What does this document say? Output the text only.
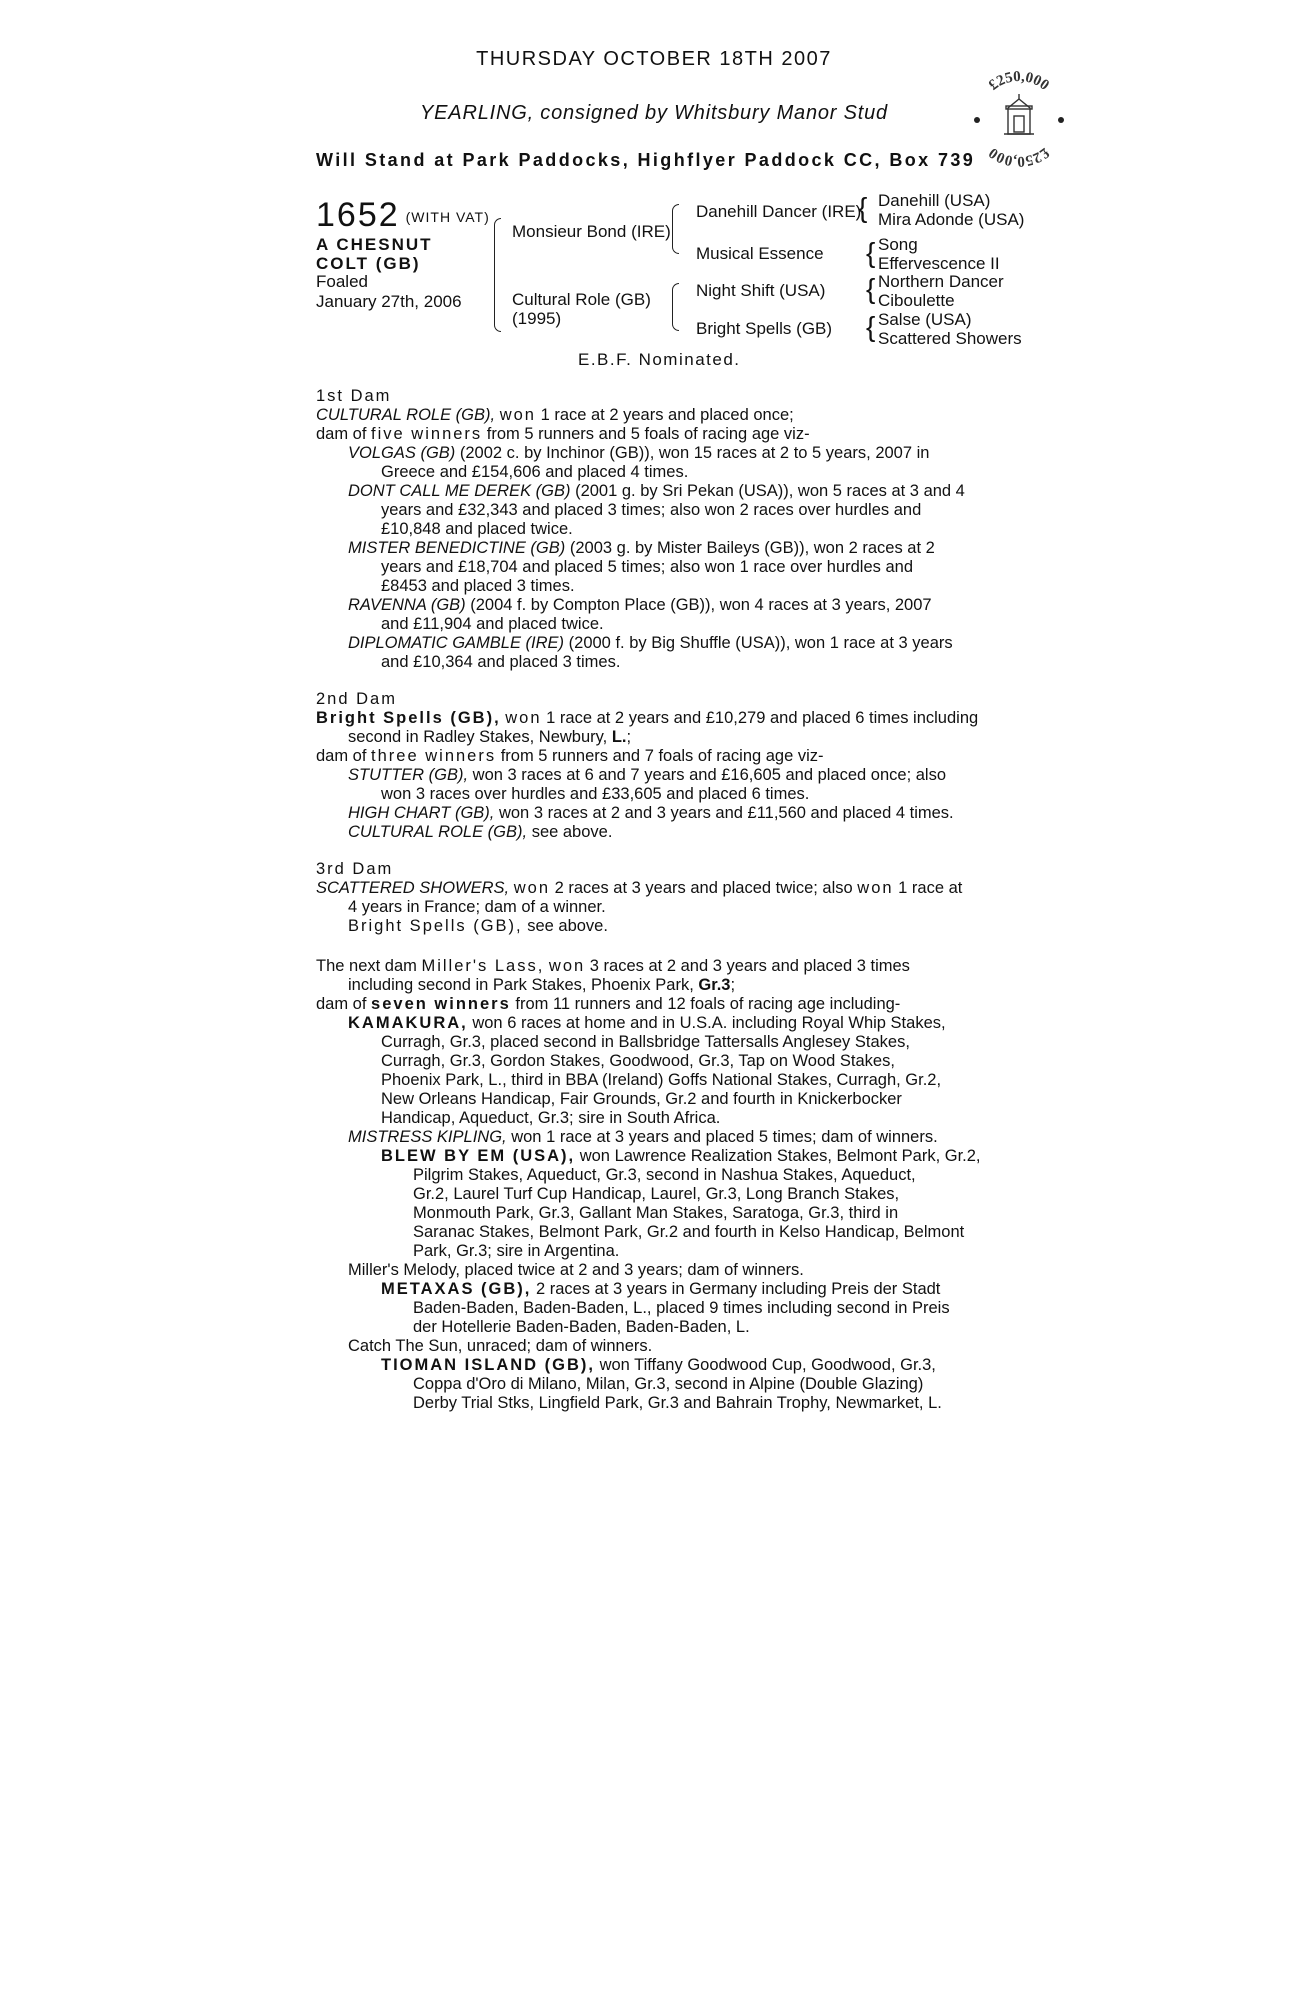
THURSDAY OCTOBER 18TH 2007
YEARLING, consigned by Whitsbury Manor Stud
Will Stand at Park Paddocks, Highflyer Paddock CC, Box 739
£250,000
£250,000
1652 (WITH VAT)
A CHESNUT COLT (GB)
Foaled
January 27th, 2006
Monsieur Bond (IRE)
Cultural Role (GB)
(1995)
Danehill Dancer (IRE)
Musical Essence
Night Shift (USA)
Bright Spells (GB)
{ Danehill (USA)
Mira Adonde (USA)
{ Song
Effervescence II
{ Northern Dancer
Ciboulette
{ Salse (USA)
Scattered Showers
E.B.F. Nominated.
1st Dam
CULTURAL ROLE (GB), won 1 race at 2 years and placed once;
dam of five winners from 5 runners and 5 foals of racing age viz-
VOLGAS (GB) (2002 c. by Inchinor (GB)), won 15 races at 2 to 5 years, 2007 in
Greece and £154,606 and placed 4 times.
DONT CALL ME DEREK (GB) (2001 g. by Sri Pekan (USA)), won 5 races at 3 and 4
years and £32,343 and placed 3 times; also won 2 races over hurdles and
£10,848 and placed twice.
MISTER BENEDICTINE (GB) (2003 g. by Mister Baileys (GB)), won 2 races at 2
years and £18,704 and placed 5 times; also won 1 race over hurdles and
£8453 and placed 3 times.
RAVENNA (GB) (2004 f. by Compton Place (GB)), won 4 races at 3 years, 2007
and £11,904 and placed twice.
DIPLOMATIC GAMBLE (IRE) (2000 f. by Big Shuffle (USA)), won 1 race at 3 years
and £10,364 and placed 3 times.
2nd Dam
Bright Spells (GB), won 1 race at 2 years and £10,279 and placed 6 times including
second in Radley Stakes, Newbury, L.;
dam of three winners from 5 runners and 7 foals of racing age viz-
STUTTER (GB), won 3 races at 6 and 7 years and £16,605 and placed once; also
won 3 races over hurdles and £33,605 and placed 6 times.
HIGH CHART (GB), won 3 races at 2 and 3 years and £11,560 and placed 4 times.
CULTURAL ROLE (GB), see above.
3rd Dam
SCATTERED SHOWERS, won 2 races at 3 years and placed twice; also won 1 race at
4 years in France; dam of a winner.
Bright Spells (GB), see above.
The next dam Miller's Lass, won 3 races at 2 and 3 years and placed 3 times
including second in Park Stakes, Phoenix Park, Gr.3;
dam of seven winners from 11 runners and 12 foals of racing age including-
KAMAKURA, won 6 races at home and in U.S.A. including Royal Whip Stakes,
Curragh, Gr.3, placed second in Ballsbridge Tattersalls Anglesey Stakes,
Curragh, Gr.3, Gordon Stakes, Goodwood, Gr.3, Tap on Wood Stakes,
Phoenix Park, L., third in BBA (Ireland) Goffs National Stakes, Curragh, Gr.2,
New Orleans Handicap, Fair Grounds, Gr.2 and fourth in Knickerbocker
Handicap, Aqueduct, Gr.3; sire in South Africa.
MISTRESS KIPLING, won 1 race at 3 years and placed 5 times; dam of winners.
BLEW BY EM (USA), won Lawrence Realization Stakes, Belmont Park, Gr.2,
Pilgrim Stakes, Aqueduct, Gr.3, second in Nashua Stakes, Aqueduct,
Gr.2, Laurel Turf Cup Handicap, Laurel, Gr.3, Long Branch Stakes,
Monmouth Park, Gr.3, Gallant Man Stakes, Saratoga, Gr.3, third in
Saranac Stakes, Belmont Park, Gr.2 and fourth in Kelso Handicap, Belmont
Park, Gr.3; sire in Argentina.
Miller's Melody, placed twice at 2 and 3 years; dam of winners.
METAXAS (GB), 2 races at 3 years in Germany including Preis der Stadt
Baden-Baden, Baden-Baden, L., placed 9 times including second in Preis
der Hotellerie Baden-Baden, Baden-Baden, L.
Catch The Sun, unraced; dam of winners.
TIOMAN ISLAND (GB), won Tiffany Goodwood Cup, Goodwood, Gr.3,
Coppa d'Oro di Milano, Milan, Gr.3, second in Alpine (Double Glazing)
Derby Trial Stks, Lingfield Park, Gr.3 and Bahrain Trophy, Newmarket, L.
